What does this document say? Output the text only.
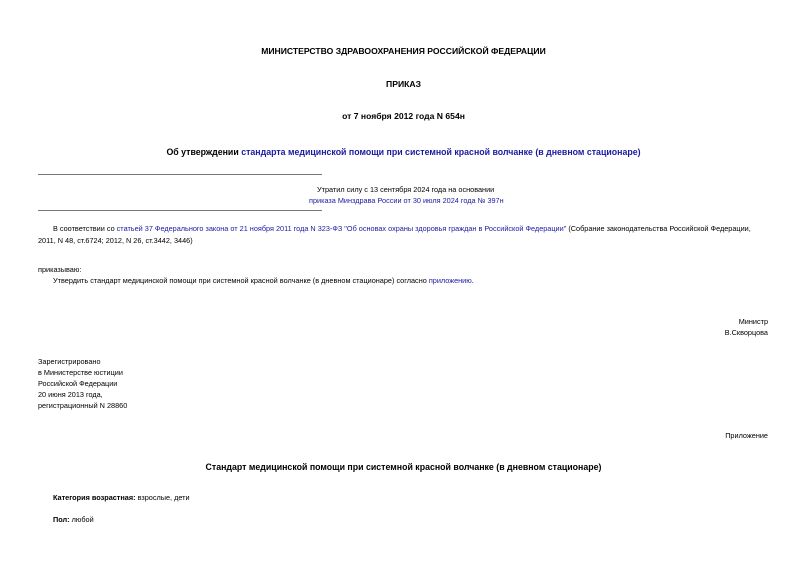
МИНИСТЕРСТВО ЗДРАВООХРАНЕНИЯ РОССИЙСКОЙ ФЕДЕРАЦИИ
ПРИКАЗ
от 7 ноября 2012 года N 654н
Об утверждении стандарта медицинской помощи при системной красной волчанке (в дневном стационаре)
Утратил силу с 13 сентября 2024 года на основании
приказа Минздрава России от 30 июля 2024 года № 397н
В соответствии со статьей 37 Федерального закона от 21 ноября 2011 года N 323-ФЗ "Об основах охраны здоровья граждан в Российской Федерации" (Собрание законодательства Российской Федерации, 2011, N 48, ст.6724; 2012, N 26, ст.3442, 3446)
приказываю:
Утвердить стандарт медицинской помощи при системной красной волчанке (в дневном стационаре) согласно приложению.
Министр
В.Скворцова
Зарегистрировано
в Министерстве юстиции
Российской Федерации
20 июня 2013 года,
регистрационный N 28860
Приложение
Стандарт медицинской помощи при системной красной волчанке (в дневном стационаре)
Категория возрастная: взрослые, дети
Пол: любой
